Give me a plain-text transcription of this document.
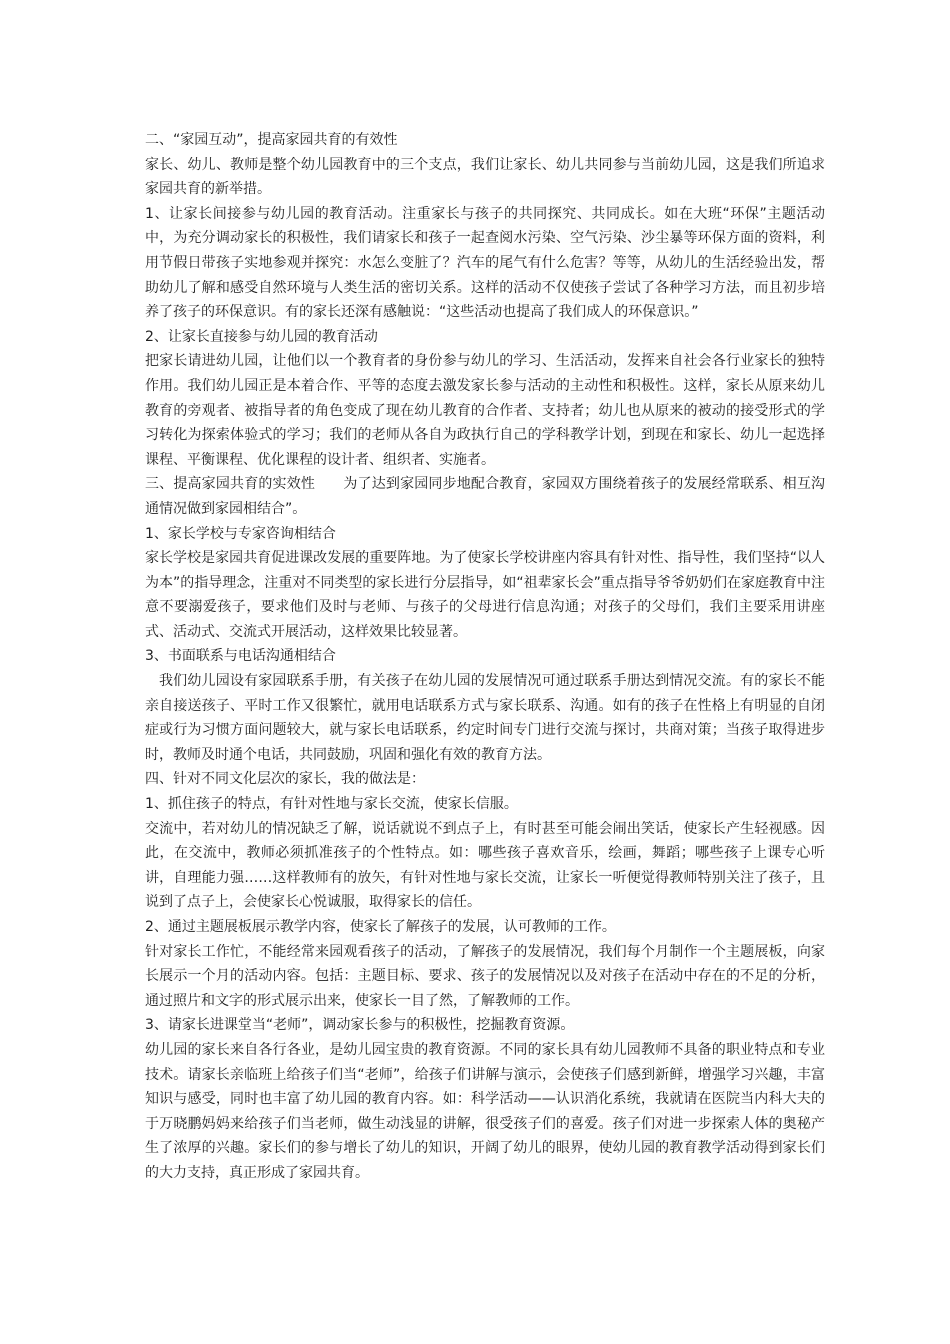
二、“家园互动”，提高家园共育的有效性

家长、幼儿、教师是整个幼儿园教育中的三个支点，我们让家长、幼儿共同参与当前幼儿园，这是我们所追求家园共育的新举措。

1、让家长间接参与幼儿园的教育活动。注重家长与孩子的共同探究、共同成长。如在大班“环保”主题活动中，为充分调动家长的积极性，我们请家长和孩子一起查阅水污染、空气污染、沙尘暴等环保方面的资料，利用节假日带孩子实地参观并探究：水怎么变脏了？汽车的尾气有什么危害？等等，从幼儿的生活经验出发，帮助幼儿了解和感受自然环境与人类生活的密切关系。这样的活动不仅使孩子尝试了各种学习方法，而且初步培养了孩子的环保意识。有的家长还深有感触说：“这些活动也提高了我们成人的环保意识。”

2、让家长直接参与幼儿园的教育活动

把家长请进幼儿园，让他们以一个教育者的身份参与幼儿的学习、生活活动，发挥来自社会各行业家长的独特作用。我们幼儿园正是本着合作、平等的态度去激发家长参与活动的主动性和积极性。这样，家长从原来幼儿教育的旁观者、被指导者的角色变成了现在幼儿教育的合作者、支持者；幼儿也从原来的被动的接受形式的学习转化为探索体验式的学习；我们的老师从各自为政执行自己的学科教学计划，到现在和家长、幼儿一起选择课程、平衡课程、优化课程的设计者、组织者、实施者。

三、提高家园共育的实效性　　为了达到家园同步地配合教育，家园双方围绕着孩子的发展经常联系、相互沟通情况做到家园相结合”。

1、家长学校与专家咨询相结合

家长学校是家园共育促进课改发展的重要阵地。为了使家长学校讲座内容具有针对性、指导性，我们坚持“以人为本”的指导理念，注重对不同类型的家长进行分层指导，如“祖辈家长会”重点指导爷爷奶奶们在家庭教育中注意不要溺爱孩子，要求他们及时与老师、与孩子的父母进行信息沟通；对孩子的父母们，我们主要采用讲座式、活动式、交流式开展活动，这样效果比较显著。

3、书面联系与电话沟通相结合

我们幼儿园设有家园联系手册，有关孩子在幼儿园的发展情况可通过联系手册达到情况交流。有的家长不能亲自接送孩子、平时工作又很繁忙，就用电话联系方式与家长联系、沟通。如有的孩子在性格上有明显的自闭症或行为习惯方面问题较大，就与家长电话联系，约定时间专门进行交流与探讨，共商对策；当孩子取得进步时，教师及时通个电话，共同鼓励，巩固和强化有效的教育方法。

四、针对不同文化层次的家长，我的做法是：

1、抓住孩子的特点，有针对性地与家长交流，使家长信服。

交流中，若对幼儿的情况缺乏了解，说话就说不到点子上，有时甚至可能会闹出笑话，使家长产生轻视感。因此，在交流中，教师必须抓准孩子的个性特点。如：哪些孩子喜欢音乐，绘画，舞蹈；哪些孩子上课专心听讲，自理能力强……这样教师有的放矢，有针对性地与家长交流，让家长一听便觉得教师特别关注了孩子，且说到了点子上，会使家长心悦诚服，取得家长的信任。

2、通过主题展板展示教学内容，使家长了解孩子的发展，认可教师的工作。

针对家长工作忙，不能经常来园观看孩子的活动，了解孩子的发展情况，我们每个月制作一个主题展板，向家长展示一个月的活动内容。包括：主题目标、要求、孩子的发展情况以及对孩子在活动中存在的不足的分析，通过照片和文字的形式展示出来，使家长一目了然，了解教师的工作。

3、请家长进课堂当“老师”，调动家长参与的积极性，挖掘教育资源。

幼儿园的家长来自各行各业，是幼儿园宝贵的教育资源。不同的家长具有幼儿园教师不具备的职业特点和专业技术。请家长亲临班上给孩子们当“老师”，给孩子们讲解与演示，会使孩子们感到新鲜，增强学习兴趣，丰富知识与感受，同时也丰富了幼儿园的教育内容。如：科学活动——认识消化系统，我就请在医院当内科大夫的于万晓鹏妈妈来给孩子们当老师，做生动浅显的讲解，很受孩子们的喜爱。孩子们对进一步探索人体的奥秘产生了浓厚的兴趣。家长们的参与增长了幼儿的知识，开阔了幼儿的眼界，使幼儿园的教育教学活动得到家长们的大力支持，真正形成了家园共育。
